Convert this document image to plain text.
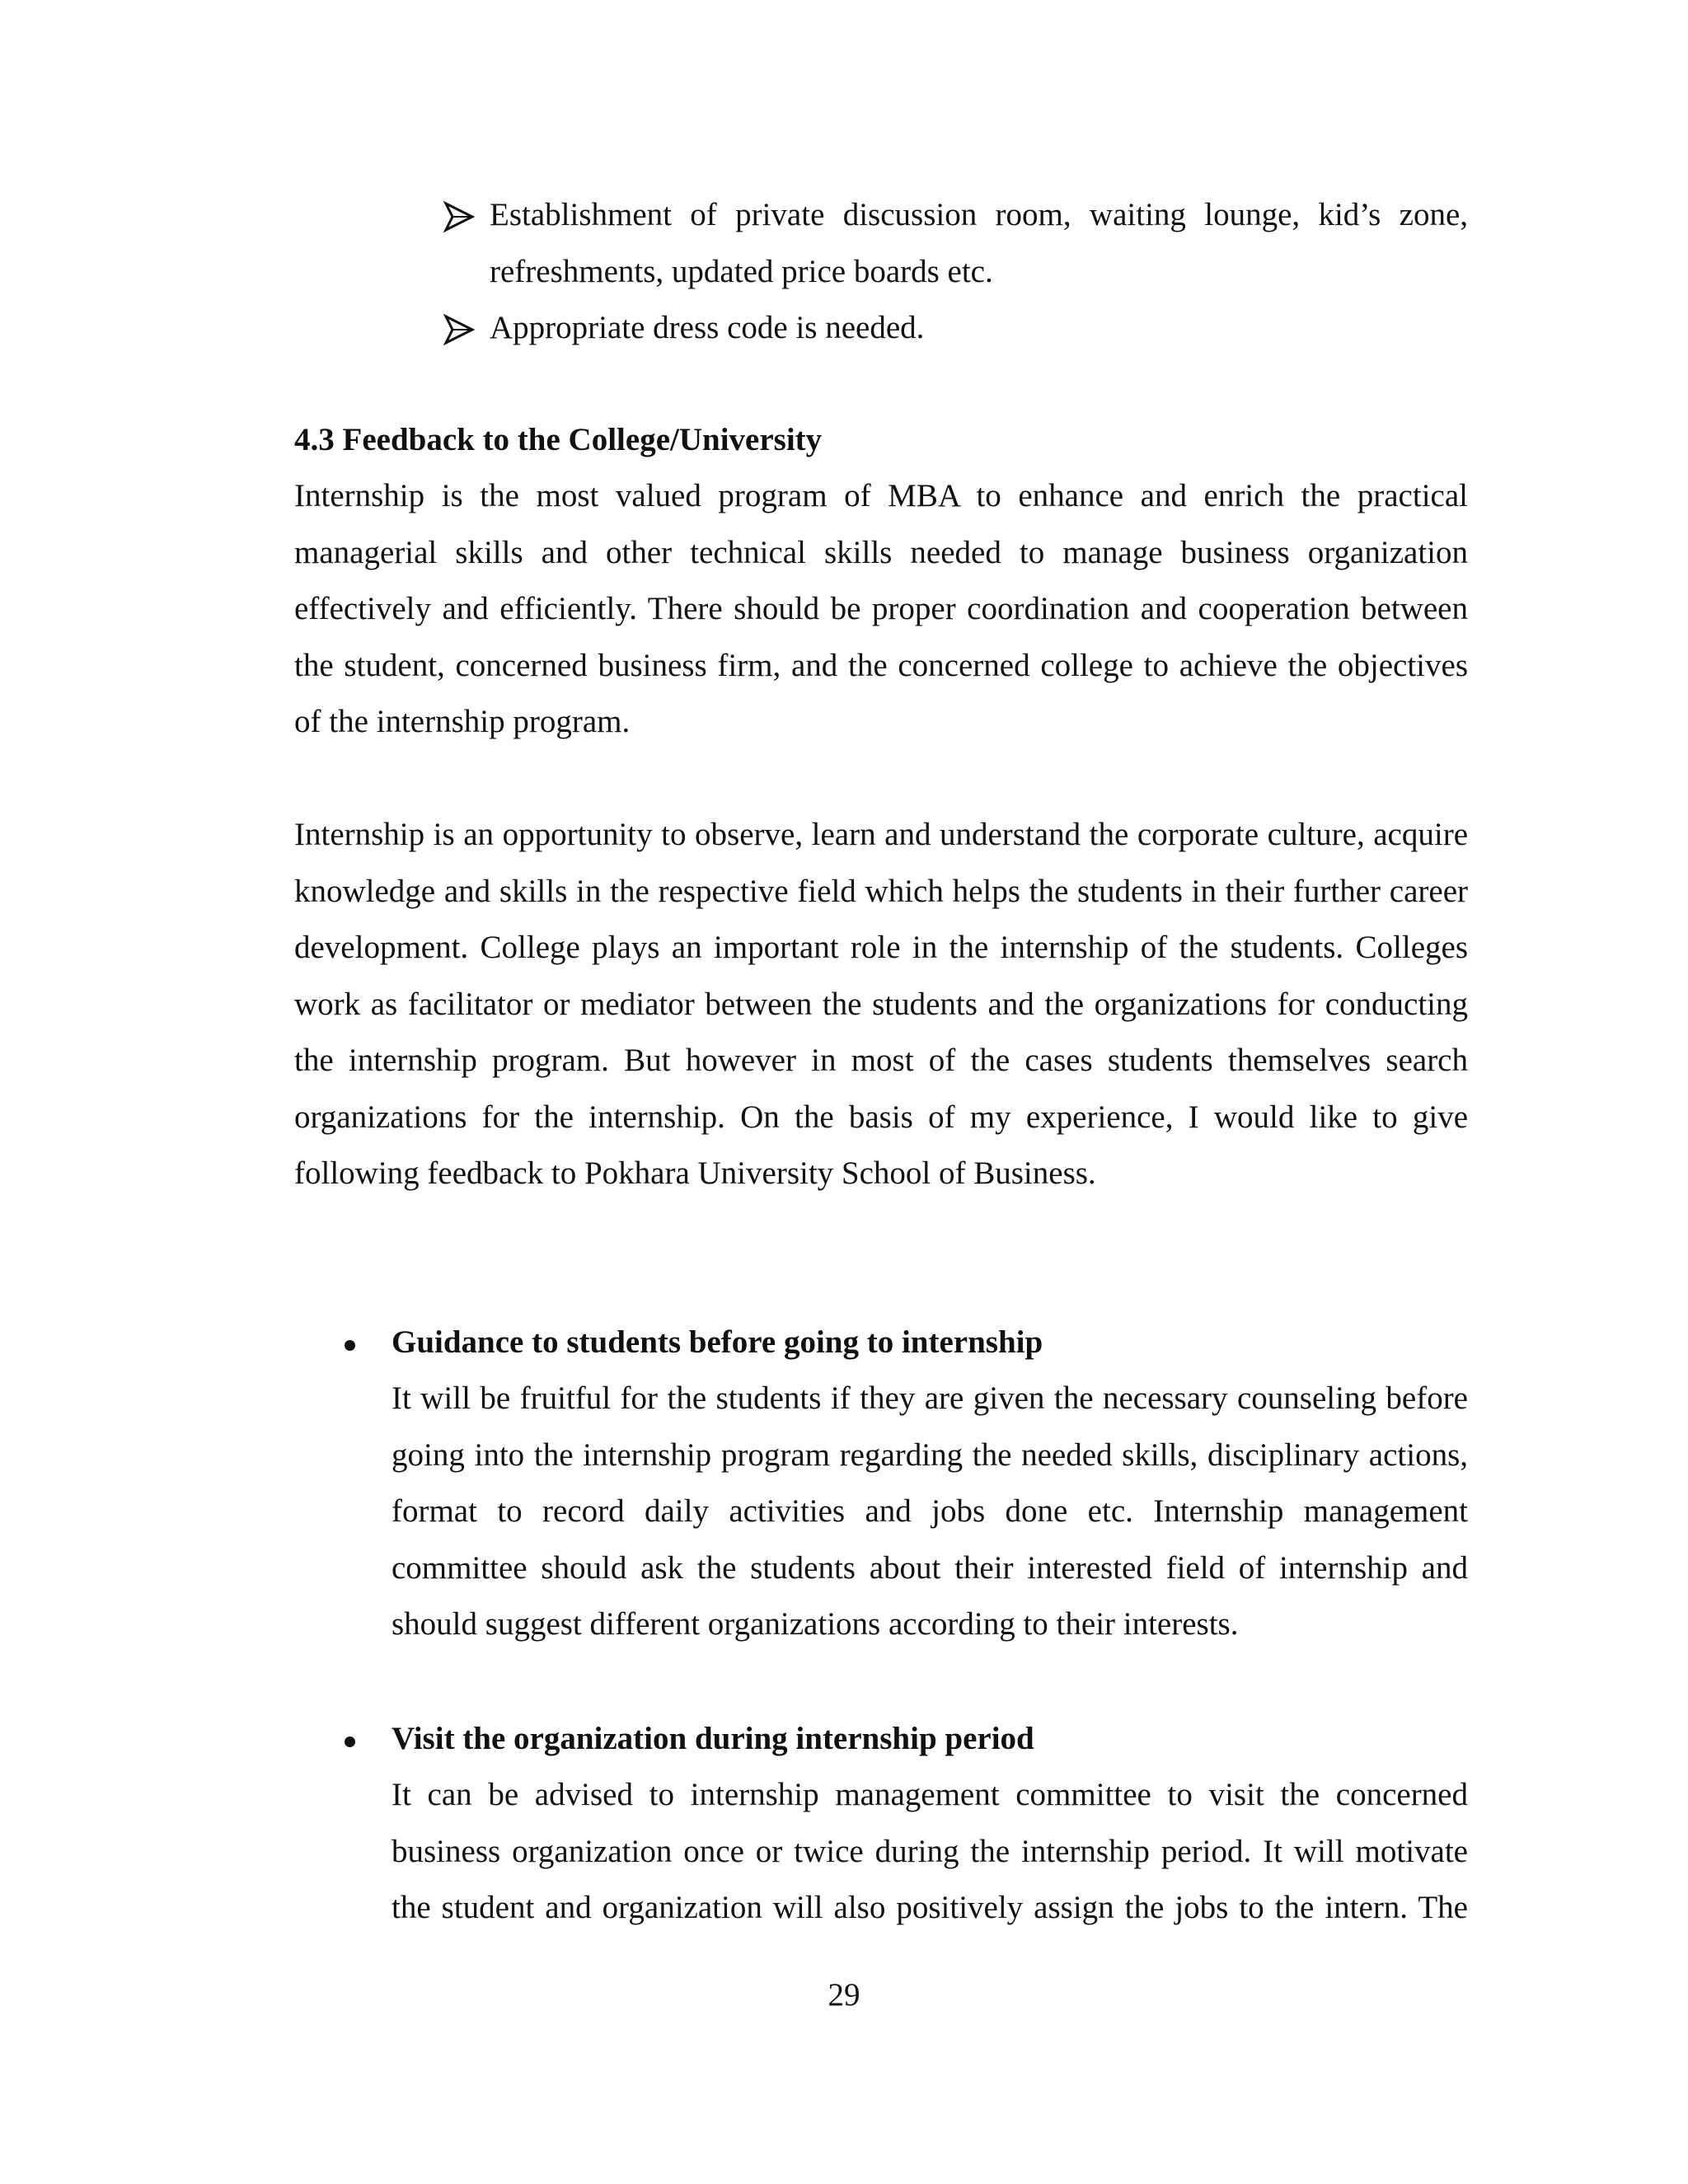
Establishment of private discussion room, waiting lounge, kid’s zone, refreshments, updated price boards etc.

Appropriate dress code is needed.

4.3 Feedback to the College/University

Internship is the most valued program of MBA to enhance and enrich the practical managerial skills and other technical skills needed to manage business organization effectively and efficiently. There should be proper coordination and cooperation between the student, concerned business firm, and the concerned college to achieve the objectives of the internship program.

Internship is an opportunity to observe, learn and understand the corporate culture, acquire knowledge and skills in the respective field which helps the students in their further career development. College plays an important role in the internship of the students. Colleges work as facilitator or mediator between the students and the organizations for conducting the internship program. But however in most of the cases students themselves search organizations for the internship. On the basis of my experience, I would like to give following feedback to Pokhara University School of Business.

Guidance to students before going to internship

It will be fruitful for the students if they are given the necessary counseling before going into the internship program regarding the needed skills, disciplinary actions, format to record daily activities and jobs done etc. Internship management committee should ask the students about their interested field of internship and should suggest different organizations according to their interests.

Visit the organization during internship period

It can be advised to internship management committee to visit the concerned business organization once or twice during the internship period. It will motivate the student and organization will also positively assign the jobs to the intern. The

29
